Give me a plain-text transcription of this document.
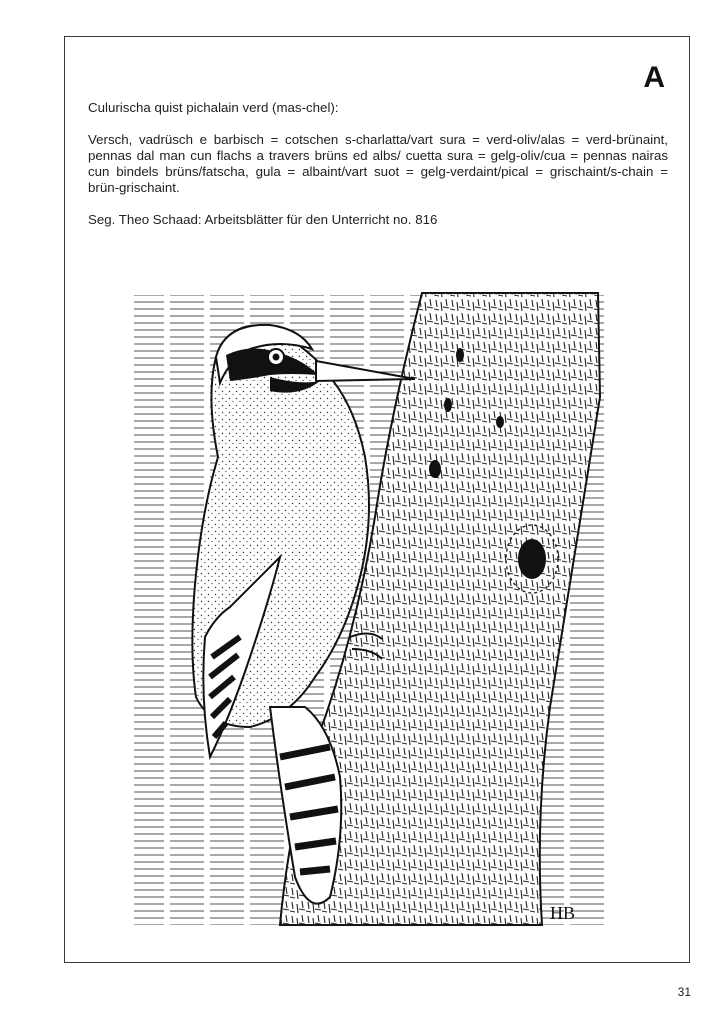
A

Culurischa quist pichalain verd (mas-chel):

Versch, vadrüsch e barbisch = cotschen s-charlatta/vart sura = verd-oliv/alas = verd-brünaint, pennas dal man cun flachs a travers brüns ed albs/ cuetta sura = gelg-oliv/cua = pennas nairas cun bindels brüns/fatscha, gula = albaint/vart suot = gelg-verdaint/pical = grischaint/s-chain = brün-grischaint.

Seg. Theo Schaad: Arbeitsblätter für den Unterricht no. 816

HB
31
